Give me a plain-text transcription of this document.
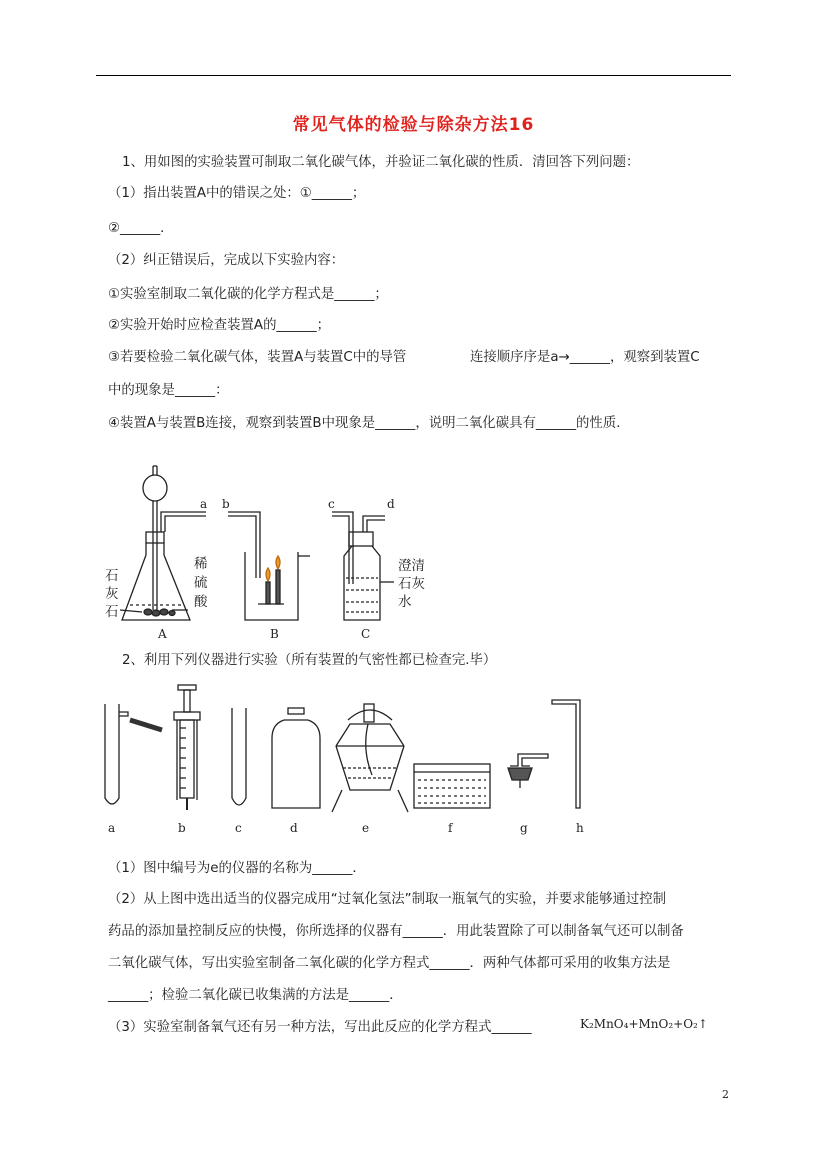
常见气体的检验与除杂方法16
1、用如图的实验装置可制取二氧化碳气体，并验证二氧化碳的性质．清回答下列问题：
（1）指出装置A中的错误之处：①______；
②______．
（2）纠正错误后，完成以下实验内容：
①实验室制取二氧化碳的化学方程式是______；
②实验开始时应检查装置A的______；
③若要检验二氧化碳气体，装置A与装置C中的导管	连接顺序序是a→______，观察到装置C
中的现象是______：
④装置A与装置B连接，观察到装置B中现象是______，说明二氧化碳具有______的性质．
a b	c	d
A	B	C
石
灰
石
稀
硫
酸
澄清
石灰
水
2、利用下列仪器进行实验（所有装置的气密性都已检查完.毕）
a	b	c	d	e	f	g	h
（1）图中编号为e的仪器的名称为______．
（2）从上图中选出适当的仪器完成用“过氧化氢法”制取一瓶氧气的实验，并要求能够通过控制
药品的添加量控制反应的快慢，你所选择的仪器有______．用此装置除了可以制备氧气还可以制备
二氧化碳气体，写出实验室制备二氧化碳的化学方程式______．两种气体都可采用的收集方法是
______；检验二氧化碳已收集满的方法是______．
（3）实验室制备氧气还有另一种方法，写出此反应的化学方程式______	K₂MnO₄+MnO₂+O₂↑
2
